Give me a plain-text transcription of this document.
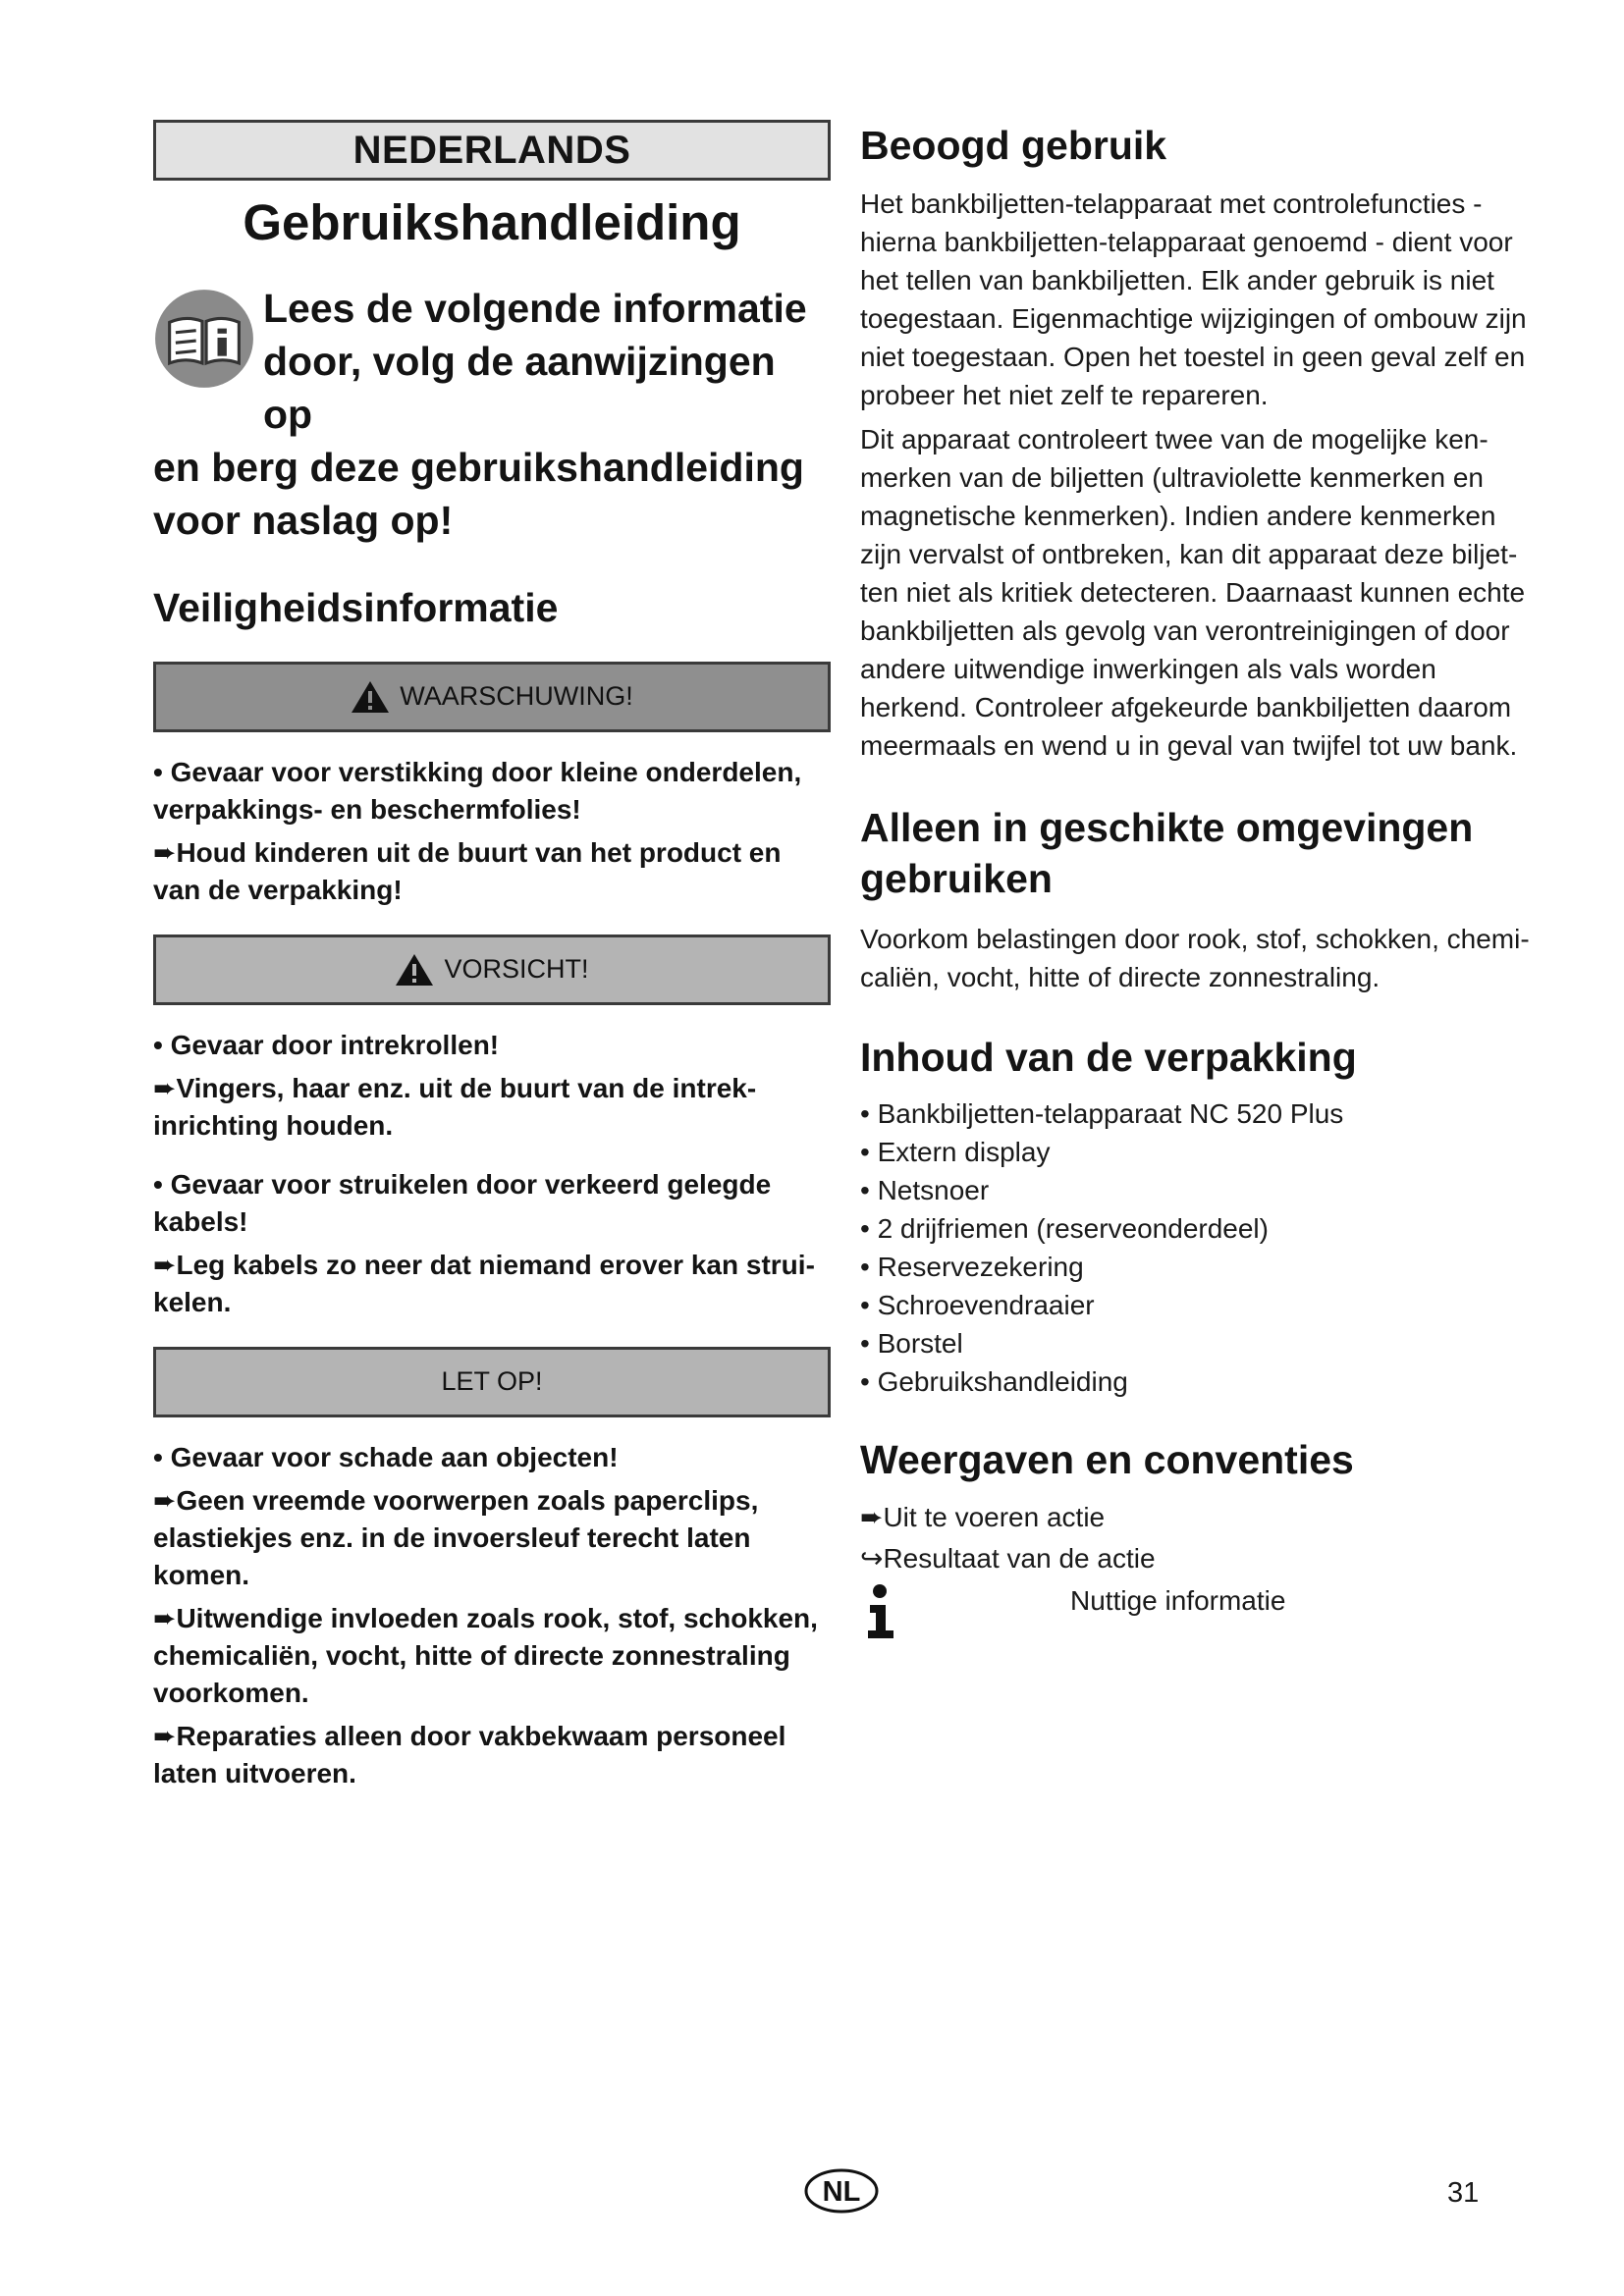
NEDERLANDS
Gebruikshandleiding
Lees de volgende informatie
door, volg de aanwijzingen op
en berg deze gebruikshandleiding voor naslag op!
Veiligheidsinformatie
WAARSCHUWING!

• Gevaar voor verstikking door kleine onderdelen, verpakkings- en beschermfolies!

➨Houd kinderen uit de buurt van het product en van de verpakking!

VORSICHT!

• Gevaar door intrekrollen!

➨Vingers, haar enz. uit de buurt van de intrek-inrichting houden.

• Gevaar voor struikelen door verkeerd gelegde kabels!

➨Leg kabels zo neer dat niemand erover kan strui-kelen.

LET OP!

• Gevaar voor schade aan objecten!

➨Geen vreemde voorwerpen zoals paperclips, elastiekjes enz. in de invoersleuf terecht laten komen.

➨Uitwendige invloeden zoals rook, stof, schokken, chemicaliën, vocht, hitte of directe zonnestraling voorkomen.

➨Reparaties alleen door vakbekwaam personeel laten uitvoeren.

Beoogd gebruik

Het bankbiljetten-telapparaat met controlefuncties - hierna bankbiljetten-telapparaat genoemd - dient voor het tellen van bankbiljetten. Elk ander gebruik is niet toegestaan. Eigenmachtige wijzigingen of ombouw zijn niet toegestaan. Open het toestel in geen geval zelf en probeer het niet zelf te repareren.

Dit apparaat controleert twee van de mogelijke ken-merken van de biljetten (ultraviolette kenmerken en magnetische kenmerken). Indien andere kenmerken zijn vervalst of ontbreken, kan dit apparaat deze biljet-ten niet als kritiek detecteren. Daarnaast kunnen echte bankbiljetten als gevolg van verontreinigingen of door andere uitwendige inwerkingen als vals worden herkend. Controleer afgekeurde bankbiljetten daarom meermaals en wend u in geval van twijfel tot uw bank.

Alleen in geschikte omgevingen
gebruiken

Voorkom belastingen door rook, stof, schokken, chemi-caliën, vocht, hitte of directe zonnestraling.

Inhoud van de verpakking
• Bankbiljetten-telapparaat NC 520 Plus
• Extern display
• Netsnoer
• 2 drijfriemen (reserveonderdeel)
• Reservezekering
• Schroevendraaier
• Borstel
• Gebruikshandleiding
Weergaven en conventies
➨Uit te voeren actie
↪Resultaat van de actie
Nuttige informatie
NL	31
